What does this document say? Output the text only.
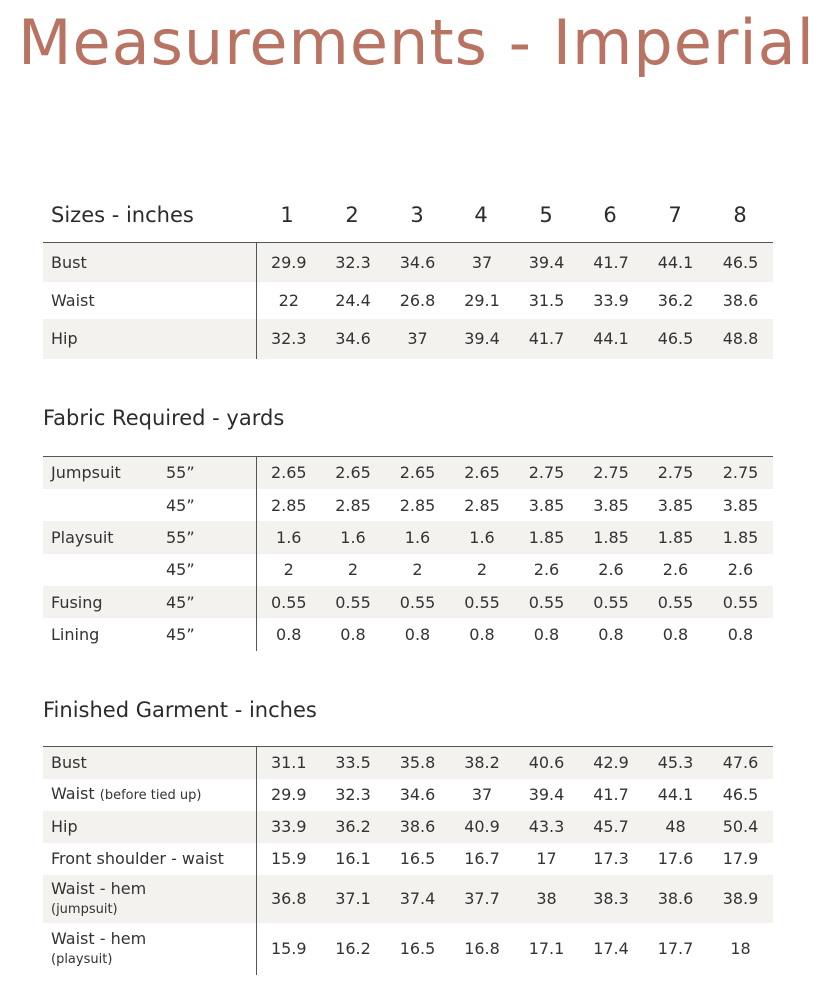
Measurements - Imperial
Sizes - inches	1	2	3	4	5	6	7	8
Bust	29.9	32.3	34.6	37	39.4	41.7	44.1	46.5
Waist	22	24.4	26.8	29.1	31.5	33.9	36.2	38.6
Hip	32.3	34.6	37	39.4	41.7	44.1	46.5	48.8
Fabric Required - yards
Jumpsuit	55”	2.65	2.65	2.65	2.65	2.75	2.75	2.75	2.75
	45”	2.85	2.85	2.85	2.85	3.85	3.85	3.85	3.85
Playsuit	55”	1.6	1.6	1.6	1.6	1.85	1.85	1.85	1.85
	45”	2	2	2	2	2.6	2.6	2.6	2.6
Fusing	45”	0.55	0.55	0.55	0.55	0.55	0.55	0.55	0.55
Lining	45”	0.8	0.8	0.8	0.8	0.8	0.8	0.8	0.8
Finished Garment - inches
Bust	31.1	33.5	35.8	38.2	40.6	42.9	45.3	47.6
Waist (before tied up)	29.9	32.3	34.6	37	39.4	41.7	44.1	46.5
Hip	33.9	36.2	38.6	40.9	43.3	45.7	48	50.4
Front shoulder - waist	15.9	16.1	16.5	16.7	17	17.3	17.6	17.9
Waist - hem
(jumpsuit)	36.8	37.1	37.4	37.7	38	38.3	38.6	38.9
Waist - hem
(playsuit)	15.9	16.2	16.5	16.8	17.1	17.4	17.7	18
